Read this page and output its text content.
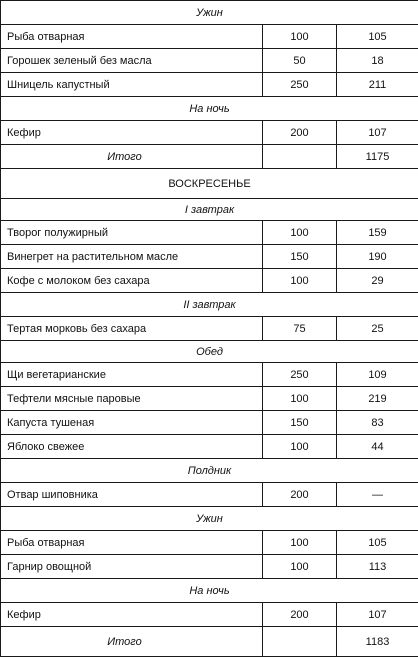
Ужин		
Рыба отварная	100	105
Горошек зеленый без масла	50	18
Шницель капустный	250	211
На ночь		
Кефир	200	107
Итого		1175
ВОСКРЕСЕНЬЕ		
I завтрак		
Творог полужирный	100	159
Винегрет на растительном масле	150	190
Кофе с молоком без сахара	100	29
II завтрак		
Тертая морковь без сахара	75	25
Обед		
Щи вегетарианские	250	109
Тефтели мясные паровые	100	219
Капуста тушеная	150	83
Яблоко свежее	100	44
Полдник		
Отвар шиповника	200	—
Ужин		
Рыба отварная	100	105
Гарнир овощной	100	113
На ночь		
Кефир	200	107
Итого		1183
